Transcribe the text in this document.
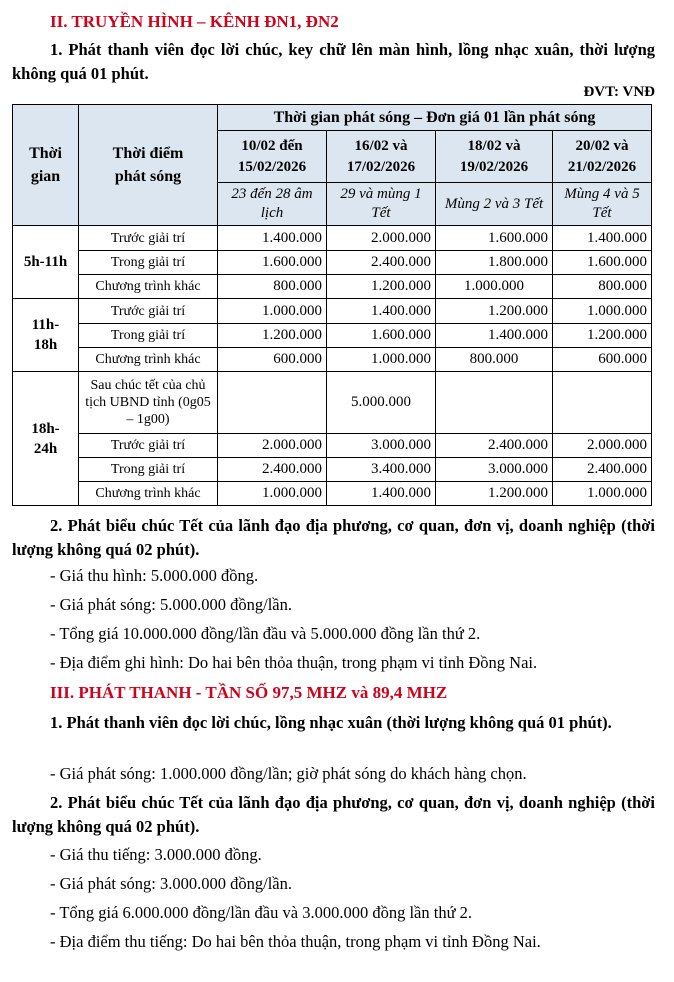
II. TRUYỀN HÌNH – KÊNH ĐN1, ĐN2
1. Phát thanh viên đọc lời chúc, key chữ lên màn hình, lồng nhạc xuân, thời lượng không quá 01 phút.
ĐVT: VNĐ
Thời gian	Thời điểm phát sóng	Thời gian phát sóng – Đơn giá 01 lần phát sóng			
		10/02 đến 15/02/2026	16/02 và 17/02/2026	18/02 và 19/02/2026	20/02 và 21/02/2026
		23 đến 28 âm lịch	29 và mùng 1 Tết	Mùng 2 và 3 Tết	Mùng 4 và 5 Tết
5h-11h	Trước giải trí	1.400.000	2.000.000	1.600.000	1.400.000
	Trong giải trí	1.600.000	2.400.000	1.800.000	1.600.000
	Chương trình khác	800.000	1.200.000	1.000.000	800.000

11h-18h	Trước giải trí	1.000.000	1.400.000	1.200.000	1.000.000
	Trong giải trí	1.200.000	1.600.000	1.400.000	1.200.000
	Chương trình khác	600.000	1.000.000	800.000	600.000

18h-24h	Sau chúc tết của chủ tịch UBND tỉnh (0g05 – 1g00)		5.000.000		
	Trước giải trí	2.000.000	3.000.000	2.400.000	2.000.000
	Trong giải trí	2.400.000	3.400.000	3.000.000	2.400.000
	Chương trình khác	1.000.000	1.400.000	1.200.000	1.000.000
2. Phát biểu chúc Tết của lãnh đạo địa phương, cơ quan, đơn vị, doanh nghiệp (thời lượng không quá 02 phút).
- Giá thu hình: 5.000.000 đồng.
- Giá phát sóng: 5.000.000 đồng/lần.
- Tổng giá 10.000.000 đồng/lần đầu và 5.000.000 đồng lần thứ 2.
- Địa điểm ghi hình: Do hai bên thỏa thuận, trong phạm vi tỉnh Đồng Nai.
III. PHÁT THANH - TẦN SỐ 97,5 MHZ và 89,4 MHZ
1. Phát thanh viên đọc lời chúc, lồng nhạc xuân (thời lượng không quá 01 phút).
- Giá phát sóng: 1.000.000 đồng/lần; giờ phát sóng do khách hàng chọn.
2. Phát biểu chúc Tết của lãnh đạo địa phương, cơ quan, đơn vị, doanh nghiệp (thời lượng không quá 02 phút).
- Giá thu tiếng: 3.000.000 đồng.
- Giá phát sóng: 3.000.000 đồng/lần.
- Tổng giá 6.000.000 đồng/lần đầu và 3.000.000 đồng lần thứ 2.
- Địa điểm thu tiếng: Do hai bên thỏa thuận, trong phạm vi tỉnh Đồng Nai.
